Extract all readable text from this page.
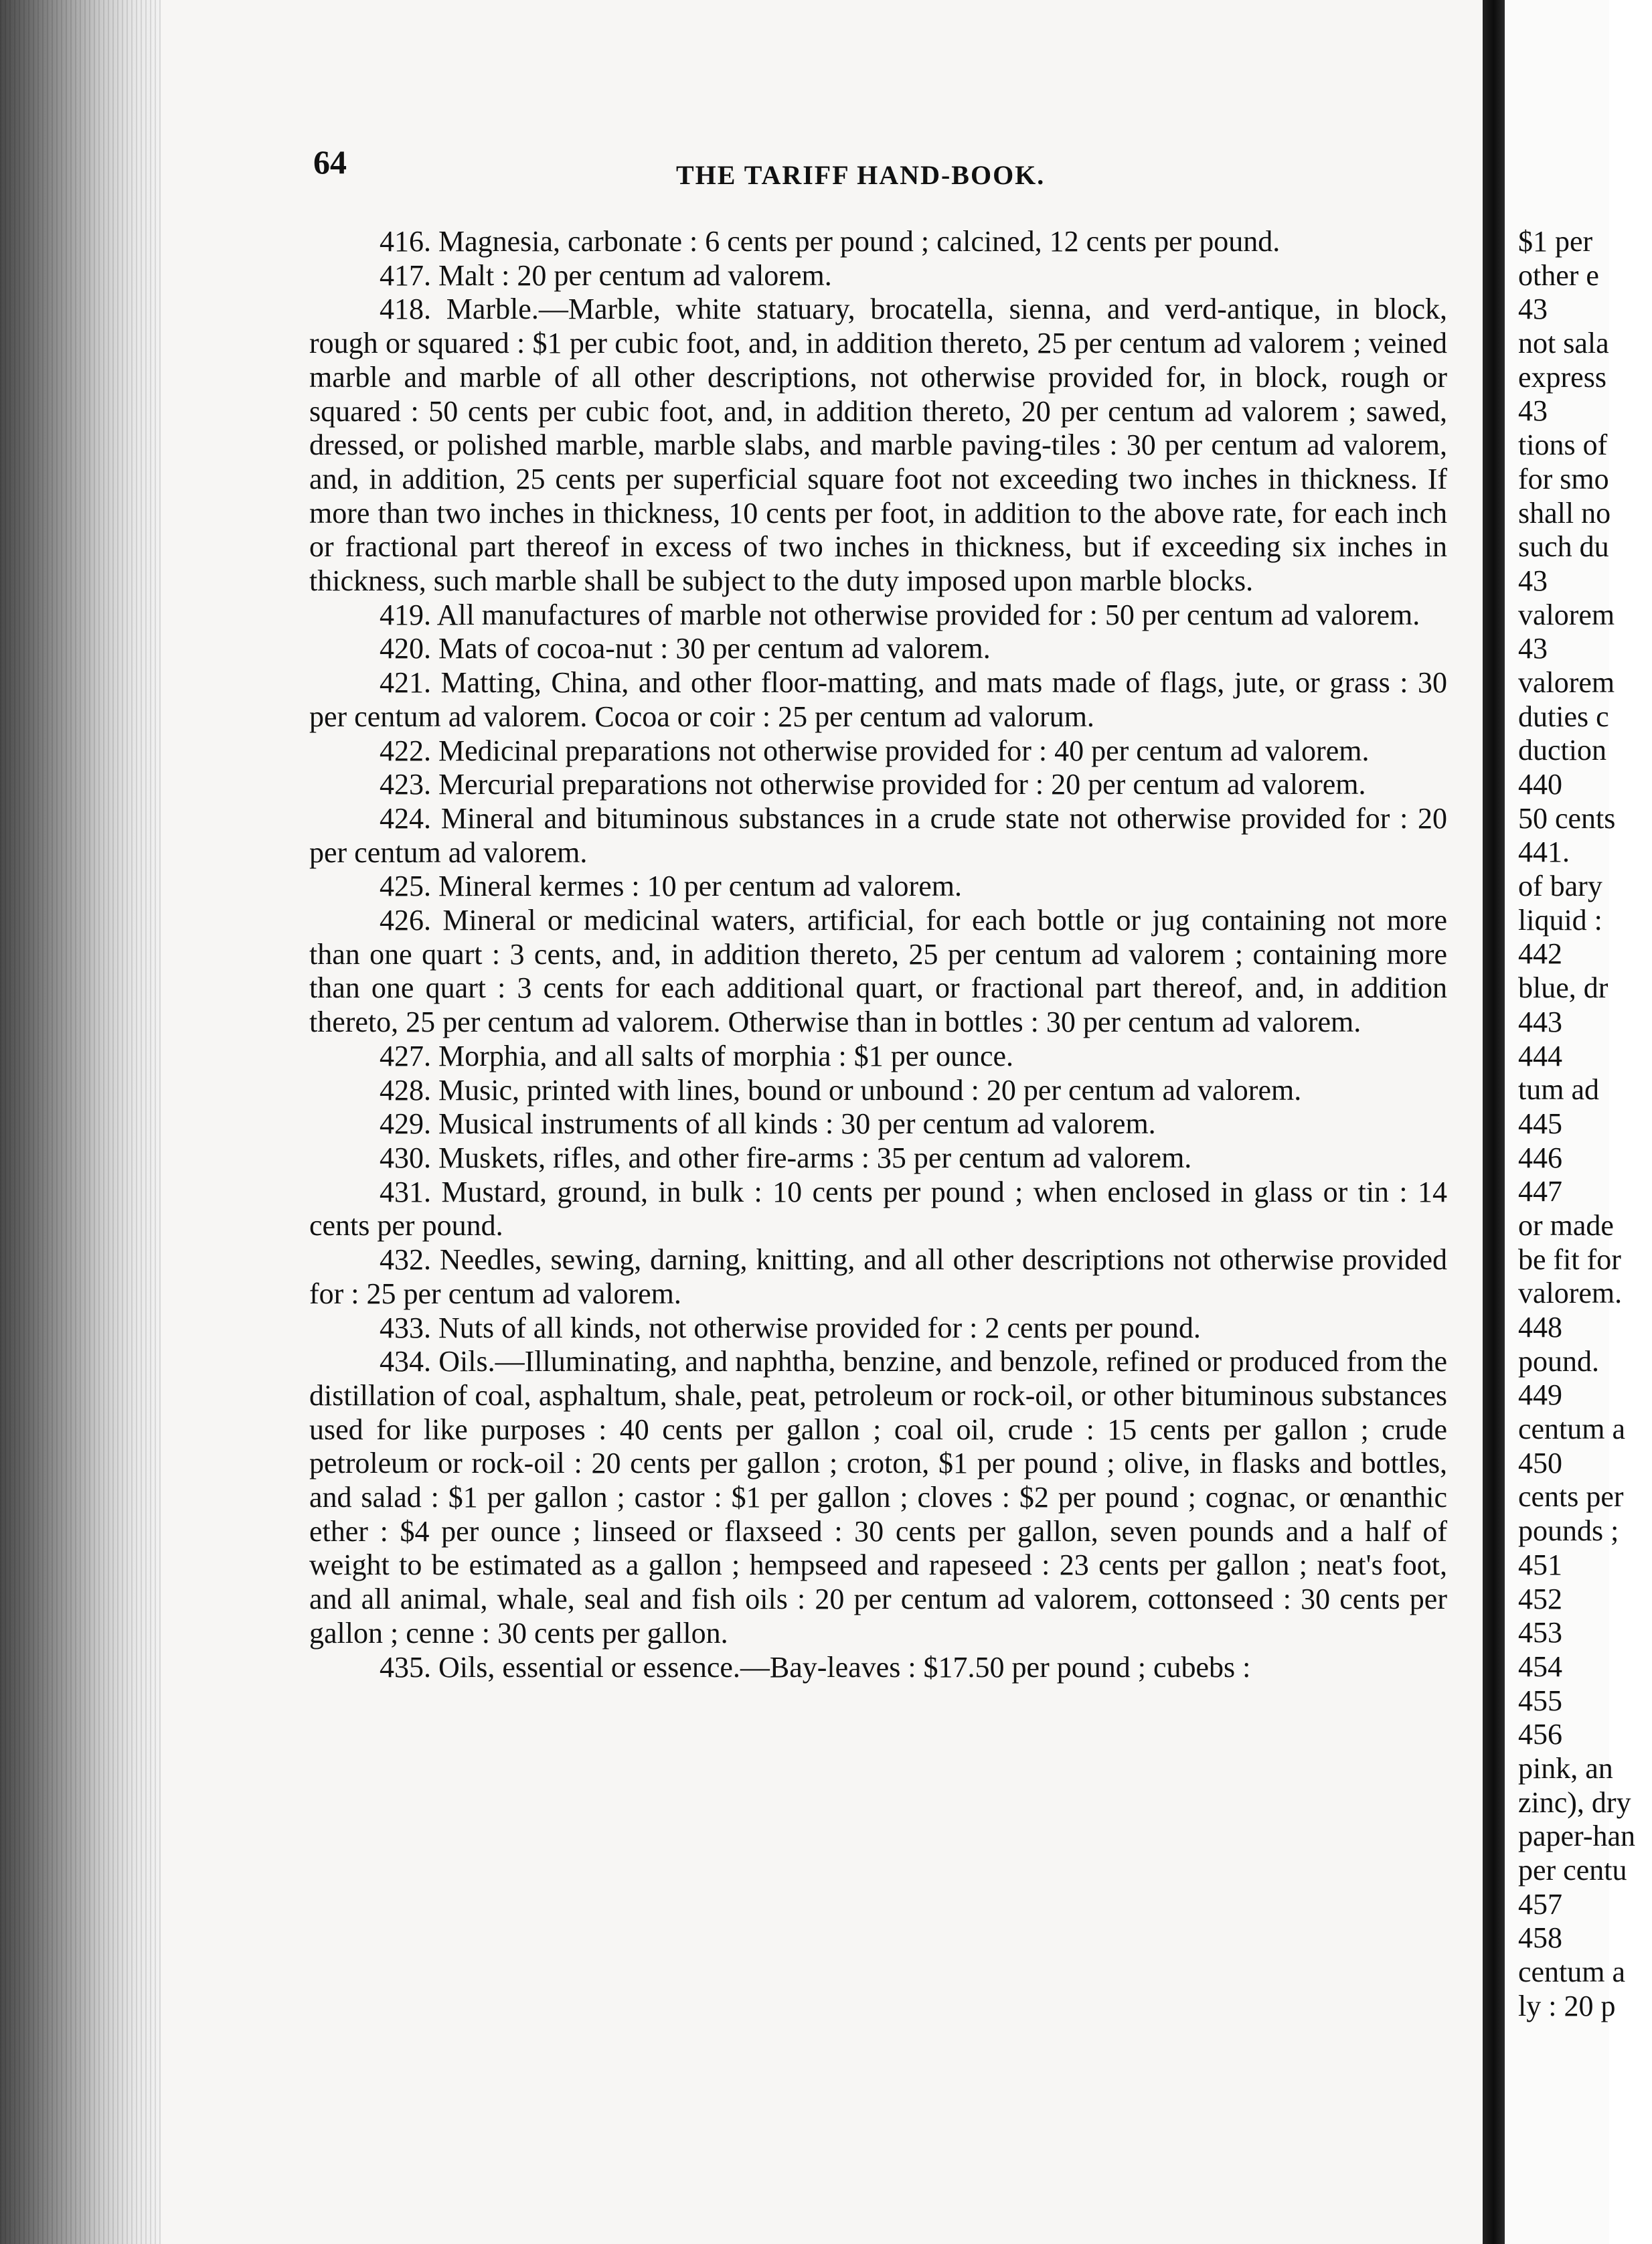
64	THE TARIFF HAND-BOOK.

416. Magnesia, carbonate : 6 cents per pound ; calcined, 12 cents per pound.

417. Malt : 20 per centum ad valorem.

418. Marble.—Marble, white statuary, brocatella, sienna, and verd-antique, in block, rough or squared : $1 per cubic foot, and, in addition thereto, 25 per centum ad valorem ; veined marble and marble of all other descriptions, not otherwise provided for, in block, rough or squared : 50 cents per cubic foot, and, in addition thereto, 20 per centum ad valorem ; sawed, dressed, or polished marble, marble slabs, and marble paving-tiles : 30 per centum ad valorem, and, in addition, 25 cents per superficial square foot not exceeding two inches in thickness. If more than two inches in thickness, 10 cents per foot, in addition to the above rate, for each inch or fractional part thereof in excess of two inches in thickness, but if exceeding six inches in thickness, such marble shall be subject to the duty imposed upon marble blocks.

419. All manufactures of marble not otherwise provided for : 50 per centum ad valorem.

420. Mats of cocoa-nut : 30 per centum ad valorem.

421. Matting, China, and other floor-matting, and mats made of flags, jute, or grass : 30 per centum ad valorem. Cocoa or coir : 25 per centum ad valorum.

422. Medicinal preparations not otherwise provided for : 40 per centum ad valorem.

423. Mercurial preparations not otherwise provided for : 20 per centum ad valorem.

424. Mineral and bituminous substances in a crude state not otherwise provided for : 20 per centum ad valorem.

425. Mineral kermes : 10 per centum ad valorem.

426. Mineral or medicinal waters, artificial, for each bottle or jug containing not more than one quart : 3 cents, and, in addition thereto, 25 per centum ad valorem ; containing more than one quart : 3 cents for each additional quart, or fractional part thereof, and, in addition thereto, 25 per centum ad valorem. Otherwise than in bottles : 30 per centum ad valorem.

427. Morphia, and all salts of morphia : $1 per ounce.

428. Music, printed with lines, bound or unbound : 20 per centum ad valorem.

429. Musical instruments of all kinds : 30 per centum ad valorem.

430. Muskets, rifles, and other fire-arms : 35 per centum ad valorem.

431. Mustard, ground, in bulk : 10 cents per pound ; when enclosed in glass or tin : 14 cents per pound.

432. Needles, sewing, darning, knitting, and all other descriptions not otherwise provided for : 25 per centum ad valorem.

433. Nuts of all kinds, not otherwise provided for : 2 cents per pound.

434. Oils.—Illuminating, and naphtha, benzine, and benzole, refined or produced from the distillation of coal, asphaltum, shale, peat, petroleum or rock-oil, or other bituminous substances used for like purposes : 40 cents per gallon ; coal oil, crude : 15 cents per gallon ; crude petroleum or rock-oil : 20 cents per gallon ; croton, $1 per pound ; olive, in flasks and bottles, and salad : $1 per gallon ; castor : $1 per gallon ; cloves : $2 per pound ; cognac, or œnanthic ether : $4 per ounce ; linseed or flaxseed : 30 cents per gallon, seven pounds and a half of weight to be estimated as a gallon ; hempseed and rapeseed : 23 cents per gallon ; neat's foot, and all animal, whale, seal and fish oils : 20 per centum ad valorem, cottonseed : 30 cents per gallon ; cenne : 30 cents per gallon.

435. Oils, essential or essence.—Bay-leaves : $17.50 per pound ; cubebs :

$1 per
other e
43
not sala
express
43
tions of
for smo
shall no
such du
43
valorem
43
valorem
duties c
duction
440
50 cents
441.
of bary
liquid :
442
blue, dr
443
444
tum ad
445
446
447
or made
be fit for
valorem.
448
pound.
449
centum a
450
cents per
pounds ;
451
452
453
454
455
456
pink, an
zinc), dry
paper-han
per centu
457
458
centum a
ly : 20 p
